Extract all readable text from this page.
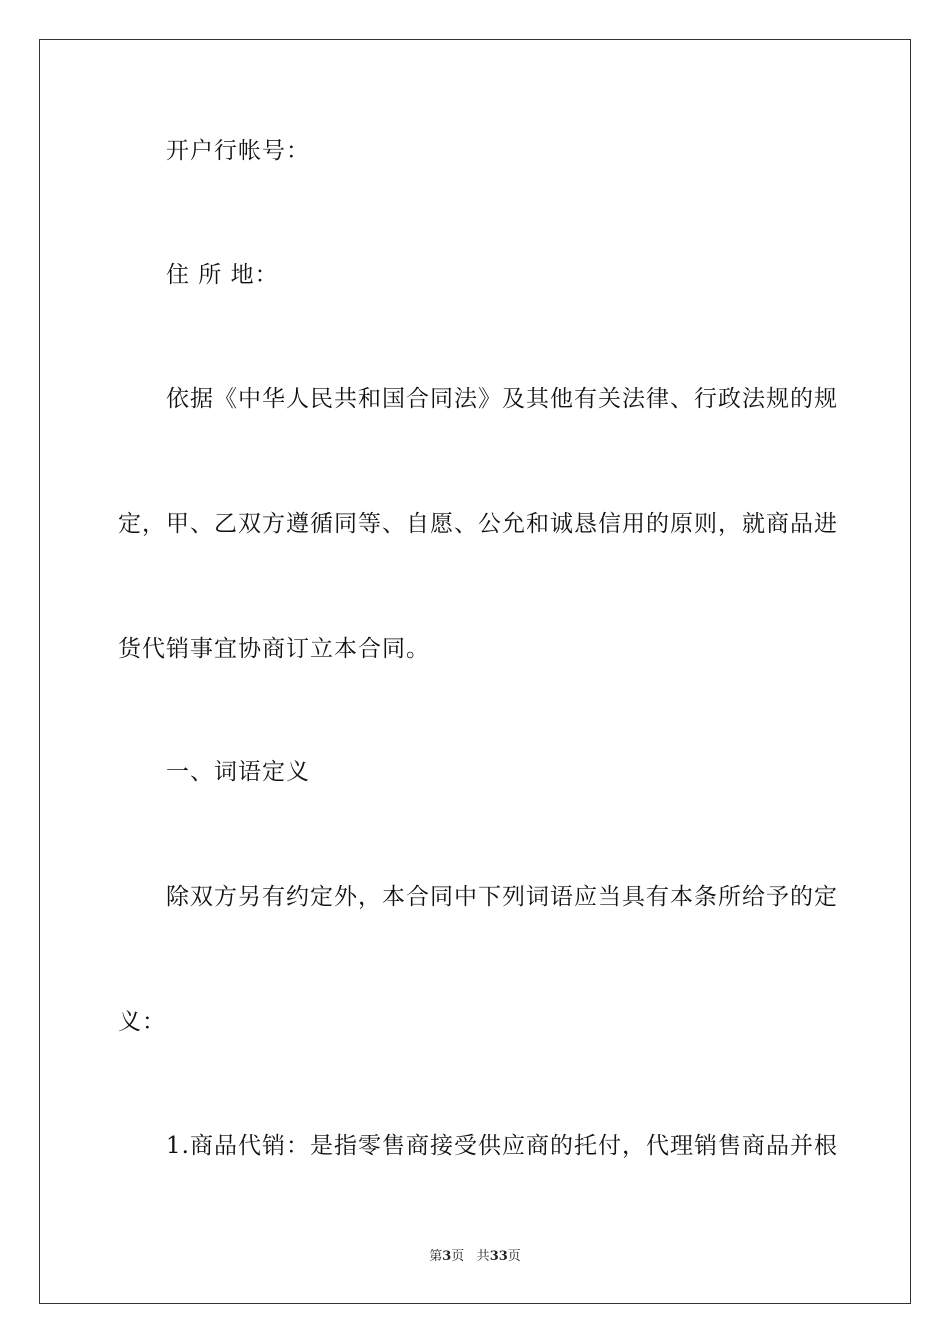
　　开户行帐号：
　　住 所 地：
　　依据《中华人民共和国合同法》及其他有关法律、行政法规的规
定，甲、乙双方遵循同等、自愿、公允和诚恳信用的原则，就商品进
货代销事宜协商订立本合同。
　　一、词语定义
　　除双方另有约定外，本合同中下列词语应当具有本条所给予的定
义：
　　1.商品代销：是指零售商接受供应商的托付，代理销售商品并根
第3页 共33页
